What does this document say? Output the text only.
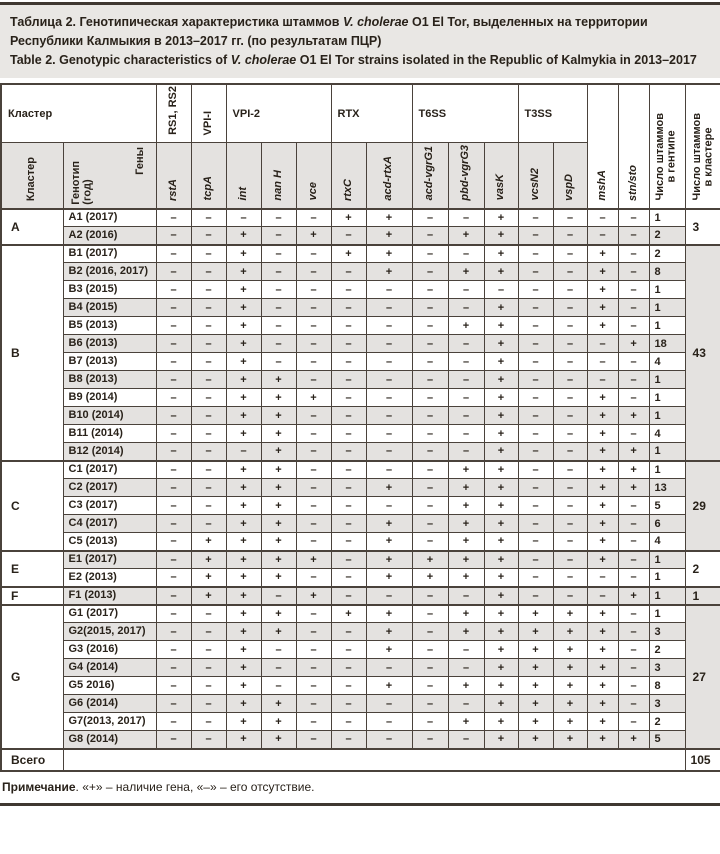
Таблица 2. Генотипическая характеристика штаммов V. cholerae О1 El Tor, выделенных на территории Республики Калмыкия в 2013–2017 гг. (по результатам ПЦР)

Table 2. Genotypic characteristics of V. cholerae O1 El Tor strains isolated in the Republic of Kalmykia in 2013–2017

Кластер		RS1, RS2	VPI-I	VPI-2			RTX		T6SS			T3SS		mshA	stn/sto	Число штаммов
в гентипе	Число штаммов
в кластере
Кластер	Генотип
(год)
Гены	rstA	tcpA	int	nan H	vce	rtxC	acd-rtxA	acd-vgrG1	pbd-vgrG3	vasK	vcsN2	vspD				
A	A1 (2017)	–	–	–	–	–	+	+	–	–	+	–	–	–	–	1	3
	A2 (2016)	–	–	+	–	+	–	+	–	+	+	–	–	–	–	2	
B	B1 (2017)	–	–	+	–	–	+	+	–	–	+	–	–	+	–	2	43
	B2 (2016, 2017)	–	–	+	–	–	–	+	–	+	+	–	–	+	–	8	
	B3 (2015)	–	–	+	–	–	–	–	–	–	–	–	–	+	–	1	
	B4 (2015)	–	–	+	–	–	–	–	–	–	+	–	–	+	–	1	
	B5 (2013)	–	–	+	–	–	–	–	–	+	+	–	–	+	–	1	
	B6 (2013)	–	–	+	–	–	–	–	–	–	+	–	–	–	+	18	
	B7 (2013)	–	–	+	–	–	–	–	–	–	+	–	–	–	–	4	
	B8 (2013)	–	–	+	+	–	–	–	–	–	+	–	–	–	–	1	
	B9 (2014)	–	–	+	+	+	–	–	–	–	+	–	–	+	–	1	
	B10 (2014)	–	–	+	+	–	–	–	–	–	+	–	–	+	+	1	
	B11 (2014)	–	–	+	+	–	–	–	–	–	+	–	–	+	–	4	
	B12 (2014)	–	–	–	+	–	–	–	–	–	+	–	–	+	+	1	
C	C1 (2017)	–	–	+	+	–	–	–	–	+	+	–	–	+	+	1	29
	C2 (2017)	–	–	+	+	–	–	+	–	+	+	–	–	+	+	13	
	C3 (2017)	–	–	+	+	–	–	–	–	+	+	–	–	+	–	5	
	C4 (2017)	–	–	+	+	–	–	+	–	+	+	–	–	+	–	6	
	C5 (2013)	–	+	+	+	–	–	+	–	+	+	–	–	+	–	4	
E	E1 (2017)	–	+	+	+	+	–	+	+	+	+	–	–	+	–	1	2
	E2 (2013)	–	+	+	+	–	–	+	+	+	+	–	–	–	–	1	
F	F1 (2013)	–	+	+	–	+	–	–	–	–	+	–	–	–	+	1	1
G	G1 (2017)	–	–	+	+	–	+	+	–	+	+	+	+	+	–	1	27
	G2(2015, 2017)	–	–	+	+	–	–	+	–	+	+	+	+	+	–	3	
	G3 (2016)	–	–	+	–	–	–	+	–	–	+	+	+	+	–	2	
	G4 (2014)	–	–	+	–	–	–	–	–	–	+	+	+	+	–	3	
	G5 2016)	–	–	+	–	–	–	+	–	+	+	+	+	+	–	8	
	G6 (2014)	–	–	+	+	–	–	–	–	–	+	+	+	+	–	3	
	G7(2013, 2017)	–	–	+	+	–	–	–	–	+	+	+	+	+	–	2	
	G8 (2014)	–	–	+	+	–	–	–	–	–	+	+	+	+	+	5	
Всего																	105
Примечание. «+» – наличие гена, «–» – его отсутствие.
